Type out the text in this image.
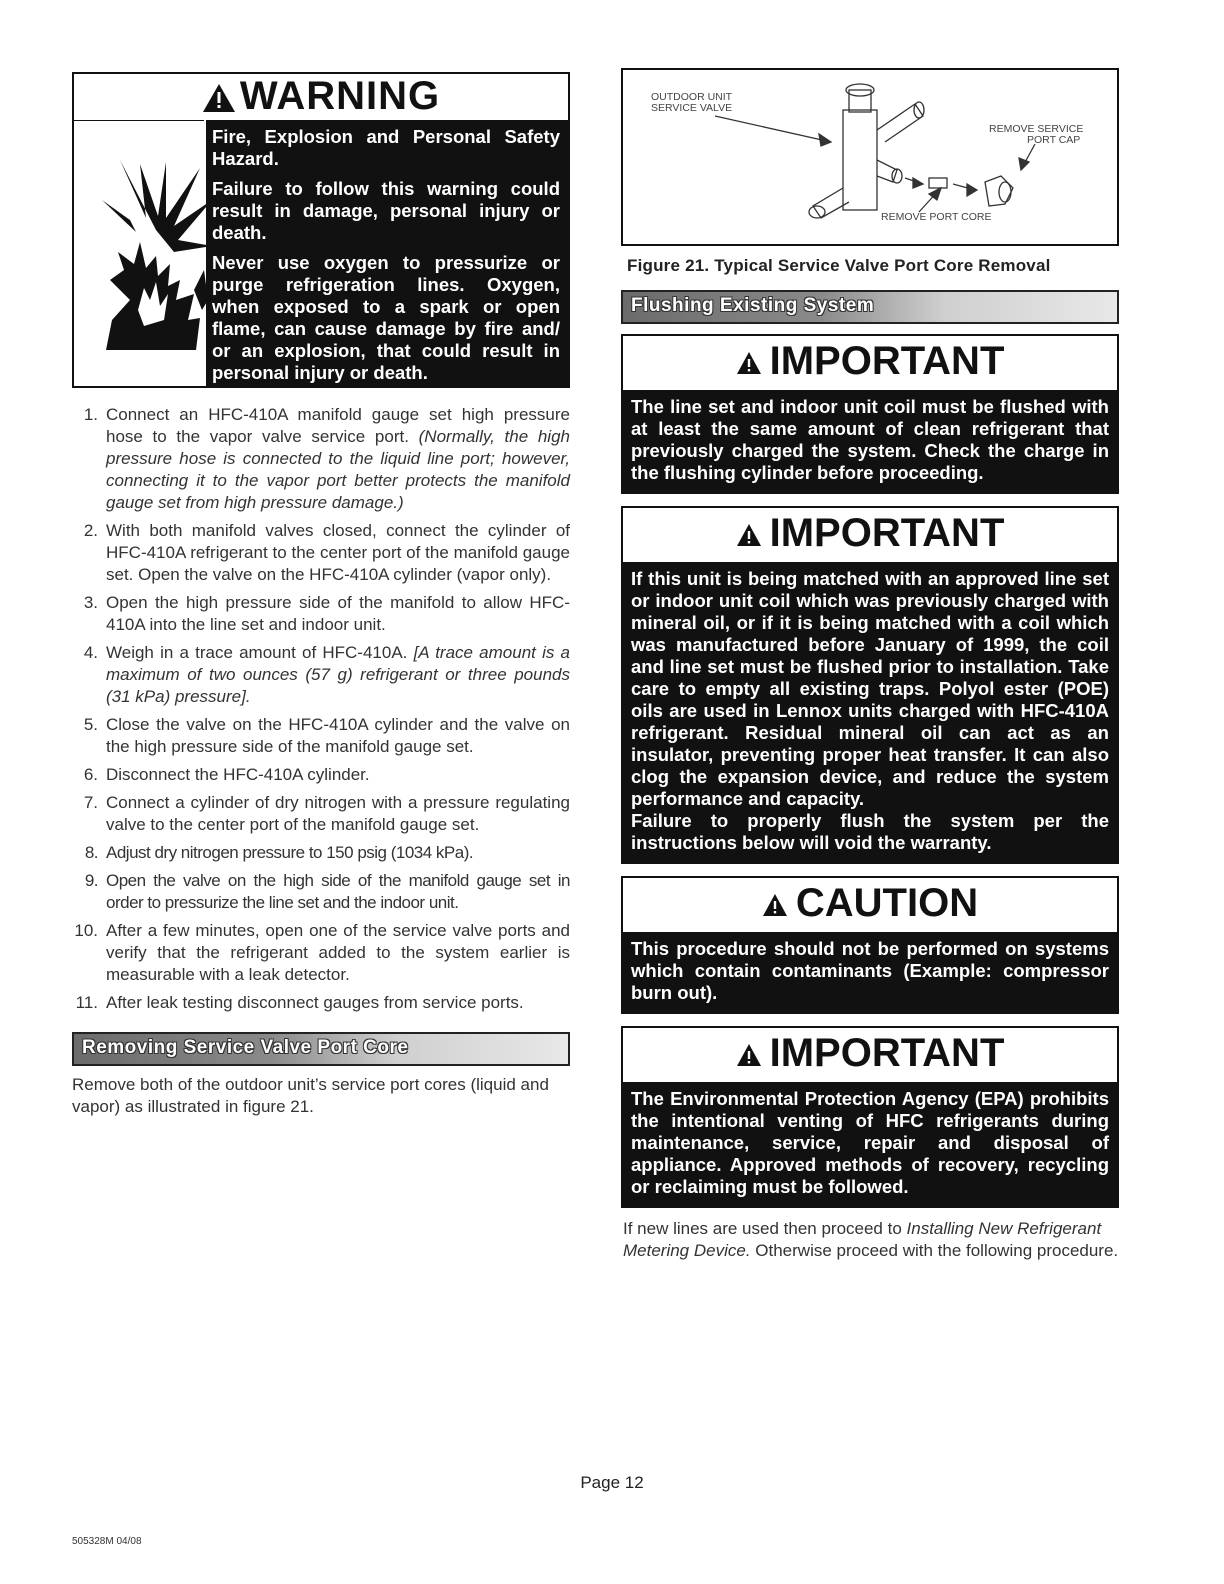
WARNING

Fire, Explosion and Personal Safety Hazard.

Failure to follow this warning could result in damage, personal injury or death.

Never use oxygen to pressurize or purge refrigeration lines. Oxygen, when exposed to a spark or open flame, can cause damage by fire and/ or an explosion, that could result in personal injury or death.

1. Connect an HFC-410A manifold gauge set high pressure hose to the vapor valve service port. (Normally, the high pressure hose is connected to the liquid line port; however, connecting it to the vapor port better protects the manifold gauge set from high pressure damage.)
2. With both manifold valves closed, connect the cylinder of HFC-410A refrigerant to the center port of the manifold gauge set. Open the valve on the HFC-410A cylinder (vapor only).
3. Open the high pressure side of the manifold to allow HFC-410A into the line set and indoor unit.
4. Weigh in a trace amount of HFC-410A. [A trace amount is a maximum of two ounces (57 g) refrigerant or three pounds (31 kPa) pressure].
5. Close the valve on the HFC-410A cylinder and the valve on the high pressure side of the manifold gauge set.
6. Disconnect the HFC-410A cylinder.
7. Connect a cylinder of dry nitrogen with a pressure regulating valve to the center port of the manifold gauge set.
8. Adjust dry nitrogen pressure to 150 psig (1034 kPa).
9. Open the valve on the high side of the manifold gauge set in order to pressurize the line set and the indoor unit.
10. After a few minutes, open one of the service valve ports and verify that the refrigerant added to the system earlier is measurable with a leak detector.
11. After leak testing disconnect gauges from service ports.
Removing Service Valve Port Core

Remove both of the outdoor unit’s service port cores (liquid and vapor) as illustrated in figure 21.

OUTDOOR UNIT
SERVICE VALVE
REMOVE SERVICE
PORT CAP
REMOVE PORT CORE
Figure 21. Typical Service Valve Port Core Removal
Flushing Existing System
IMPORTANT

The line set and indoor unit coil must be flushed with at least the same amount of clean refrigerant that previously charged the system. Check the charge in the flushing cylinder before proceeding.

IMPORTANT

If this unit is being matched with an approved line set or indoor unit coil which was previously charged with mineral oil, or if it is being matched with a coil which was manufactured before January of 1999, the coil and line set must be flushed prior to installation. Take care to empty all existing traps. Polyol ester (POE) oils are used in Lennox units charged with HFC-410A refrigerant. Residual mineral oil can act as an insulator, preventing proper heat transfer. It can also clog the expansion device, and reduce the system performance and capacity.

Failure to properly flush the system per the instructions below will void the warranty.

CAUTION

This procedure should not be performed on systems which contain contaminants (Example: compressor burn out).

IMPORTANT

The Environmental Protection Agency (EPA) prohibits the intentional venting of HFC refrigerants during maintenance, service, repair and disposal of appliance. Approved methods of recovery, recycling or reclaiming must be followed.

If new lines are used then proceed to Installing New Refrigerant Metering Device. Otherwise proceed with the following procedure.

Page 12
505328M 04/08
